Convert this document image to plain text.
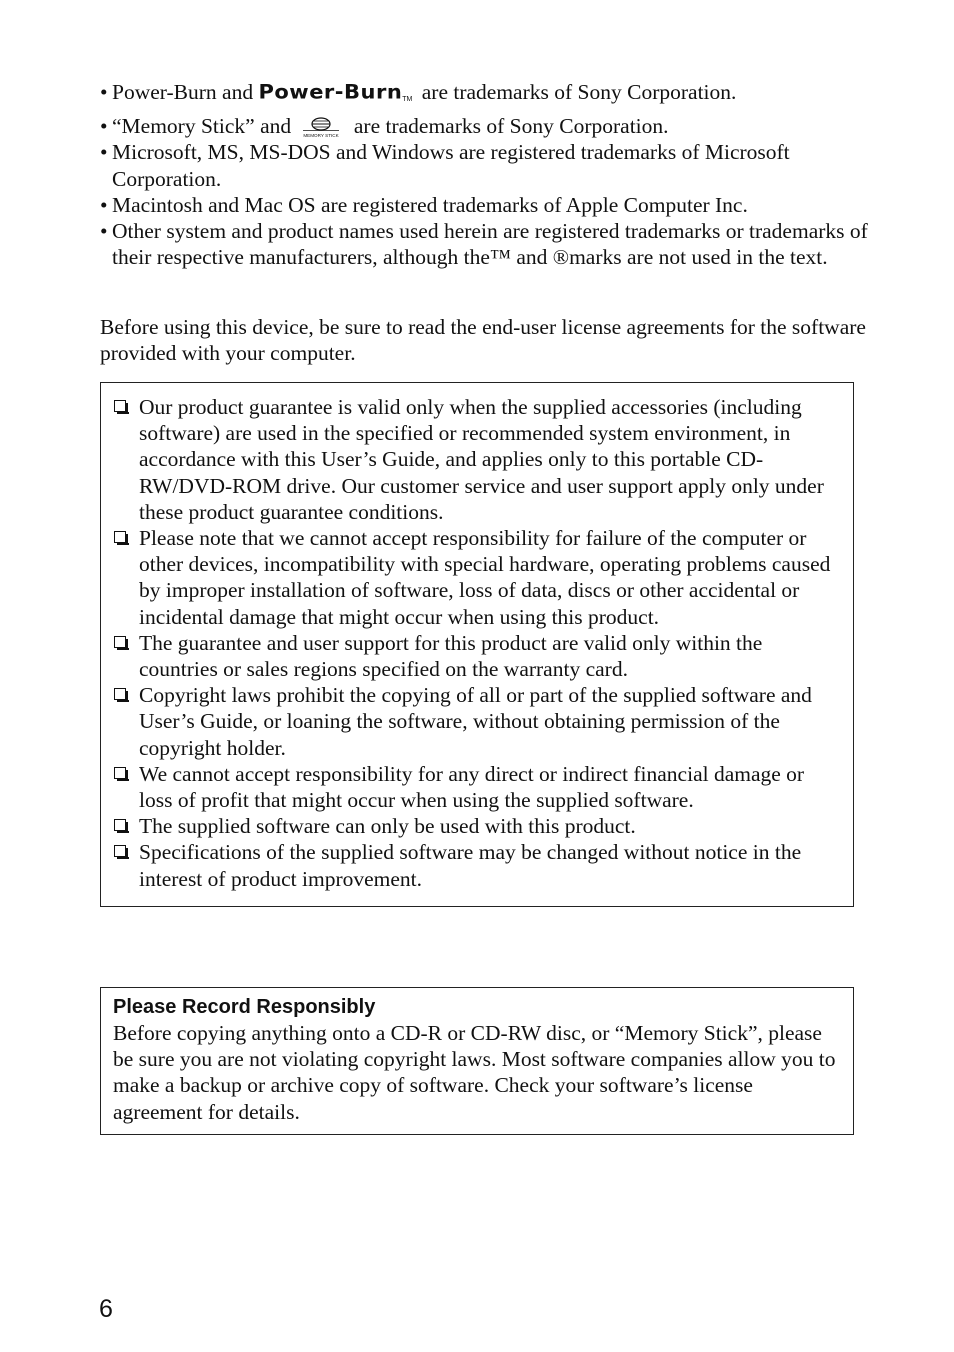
• Power-Burn and Power-BurnTM are trademarks of Sony Corporation.
• “Memory Stick” and	MEMORY STICK are trademarks of Sony Corporation.
• Microsoft, MS, MS-DOS and Windows are registered trademarks of Microsoft Corporation.
• Macintosh and Mac OS are registered trademarks of Apple Computer Inc.
• Other system and product names used herein are registered trademarks or trademarks of their respective manufacturers, although the™ and ®marks are not used in the text.

Before using this device, be sure to read the end-user license agreements for the software provided with your computer.

Our product guarantee is valid only when the supplied accessories (including software) are used in the specified or recommended system environment, in accordance with this User’s Guide, and applies only to this portable CD-RW/DVD-ROM drive. Our customer service and user support apply only under these product guarantee conditions.
Please note that we cannot accept responsibility for failure of the computer or other devices, incompatibility with special hardware, operating problems caused by improper installation of software, loss of data, discs or other accidental or incidental damage that might occur when using this product.
The guarantee and user support for this product are valid only within the countries or sales regions specified on the warranty card.
Copyright laws prohibit the copying of all or part of the supplied software and User’s Guide, or loaning the software, without obtaining permission of the copyright holder.
We cannot accept responsibility for any direct or indirect financial damage or loss of profit that might occur when using the supplied software.
The supplied software can only be used with this product.
Specifications of the supplied software may be changed without notice in the interest of product improvement.
Please Record Responsibly

Before copying anything onto a CD-R or CD-RW disc, or “Memory Stick”, please be sure you are not violating copyright laws. Most software companies allow you to make a backup or archive copy of software. Check your software’s license agreement for details.

6
